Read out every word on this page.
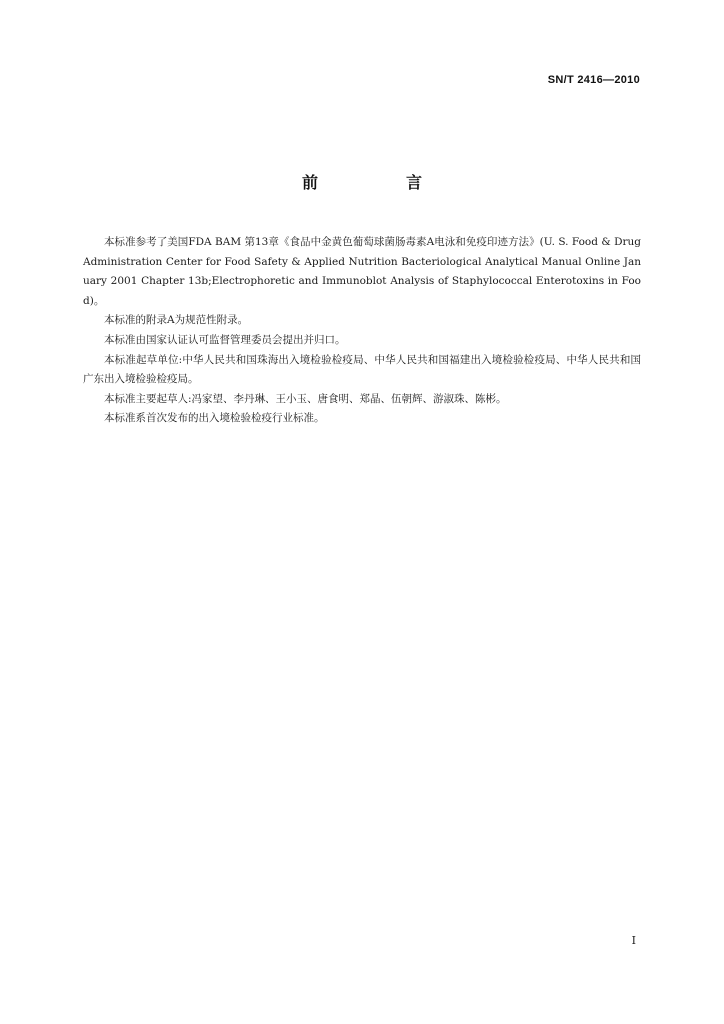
SN/T 2416—2010
前　言

本标准参考了美国FDA BAM 第13章《食品中金黄色葡萄球菌肠毒素A电泳和免疫印迹方法》(U. S. Food & Drug Administration Center for Food Safety & Applied Nutrition Bacteriological Analytical Manual Online January 2001 Chapter 13b;Electrophoretic and Immunoblot Analysis of Staphylococcal Enterotoxins in Food)。

本标准的附录A为规范性附录。

本标准由国家认证认可监督管理委员会提出并归口。

本标准起草单位:中华人民共和国珠海出入境检验检疫局、中华人民共和国福建出入境检验检疫局、中华人民共和国广东出入境检验检疫局。

本标准主要起草人:冯家望、李丹琳、王小玉、唐食明、郑晶、伍朝辉、游淑珠、陈彬。

本标准系首次发布的出入境检验检疫行业标准。

I
